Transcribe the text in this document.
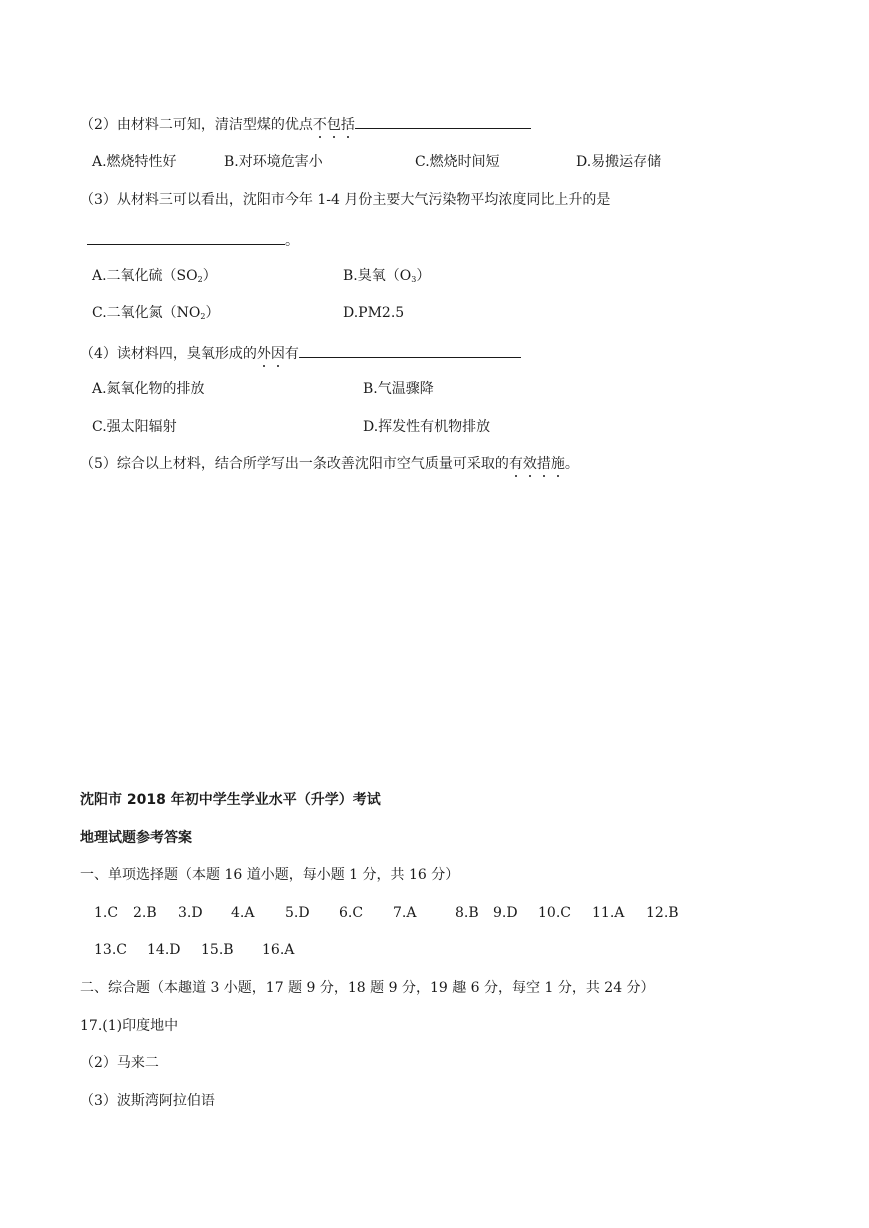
（2）由材料二可知，清洁型煤的优点不包括
A.燃烧特性好	B.对环境危害小	C.燃烧时间短	D.易搬运存储
（3）从材料三可以看出，沈阳市今年 1-4 月份主要大气污染物平均浓度同比上升的是
。
A.二氧化硫$(SO_2)$	B.臭氧$(O_3)$
C.二氧化氮$(NO_2)$	D.PM2.5
（4）读材料四，臭氧形成的外因有
A.氮氧化物的排放	B.气温骤降
C.强太阳辐射	D.挥发性有机物排放
（5）综合以上材料，结合所学写出一条改善沈阳市空气质量可采取的有效措施。
沈阳市 2018 年初中学生学业水平（升学）考试
地理试题参考答案
一、单项选择题（本题 16 道小题，每小题 1 分，共 16 分）
1.C 2.B 3.D 4.A 5.D 6.C 7.A	8.B 9.D 10.C 11.A 12.B
13.C 14.D 15.B 16.A
二、综合题（本趣道 3 小题，17 题 9 分，18 题 9 分，19 趣 6 分，每空 1 分，共 24 分）
17.(1)印度地中
（2）马来二
（3）波斯湾阿拉伯语
